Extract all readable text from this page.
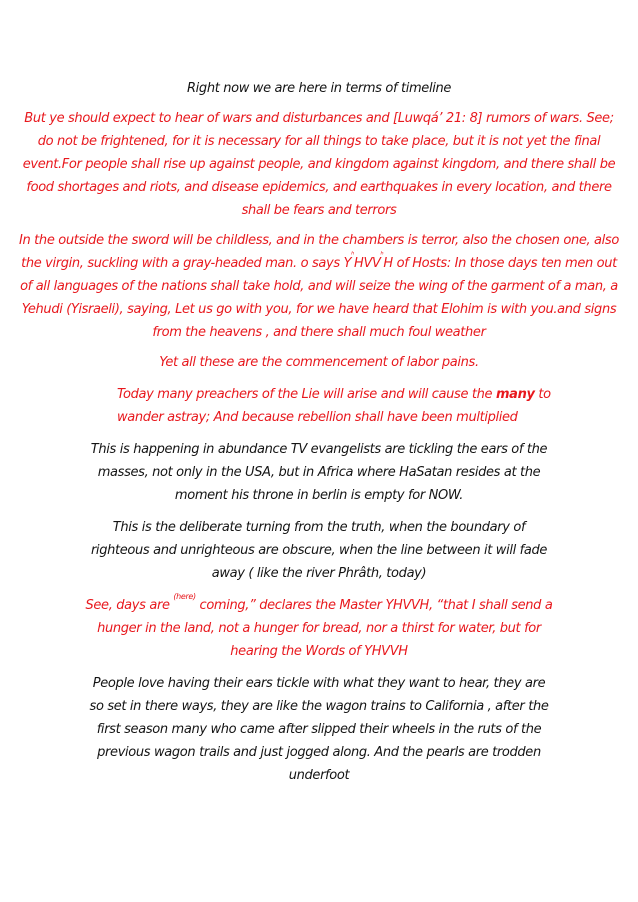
Right now we are here in terms of timeline

But ye should expect to hear of wars and disturbances and [Luwqá’ 21: 8] rumors of wars. See; do not be frightened, for it is necessary for all things to take place, but it is not yet the final event.For people shall rise up against people, and kingdom against kingdom, and there shall be food shortages and riots, and disease epidemics, and earthquakes in every location, and there shall be fears and terrors

In the outside the sword will be childless, and in the chambers is terror, also the chosen one, also the virgin, suckling with a gray-headed man. o says $Y^ʰHVV^ʰH$ of Hosts: In those days ten men out of all languages of the nations shall take hold, and will seize the wing of the garment of a man, a Yehudi (Yisraeli), saying, Let us go with you, for we have heard that Elohim is with you.and signs from the heavens , and there shall much foul weather

Yet all these are the commencement of labor pains.

Today many preachers of the Lie will arise and will cause the many to wander astray; And because rebellion shall have been multiplied

This is happening in abundance TV evangelists are tickling the ears of the masses, not only in the USA, but in Africa where HaSatan resides at the moment his throne in berlin is empty for NOW.

This is the deliberate turning from the truth, when the boundary of righteous and unrighteous are obscure, when the line between it will fade away ( like the river Phrâth, today)

See, days are $^{(here)}$ coming,” declares the Master YHVVH, “that I shall send a hunger in the land, not a hunger for bread, nor a thirst for water, but for hearing the Words of YHVVH

People love having their ears tickle with what they want to hear, they are so set in there ways, they are like the wagon trains to California , after the first season many who came after slipped their wheels in the ruts of the previous wagon trails and just jogged along. And the pearls are trodden underfoot
